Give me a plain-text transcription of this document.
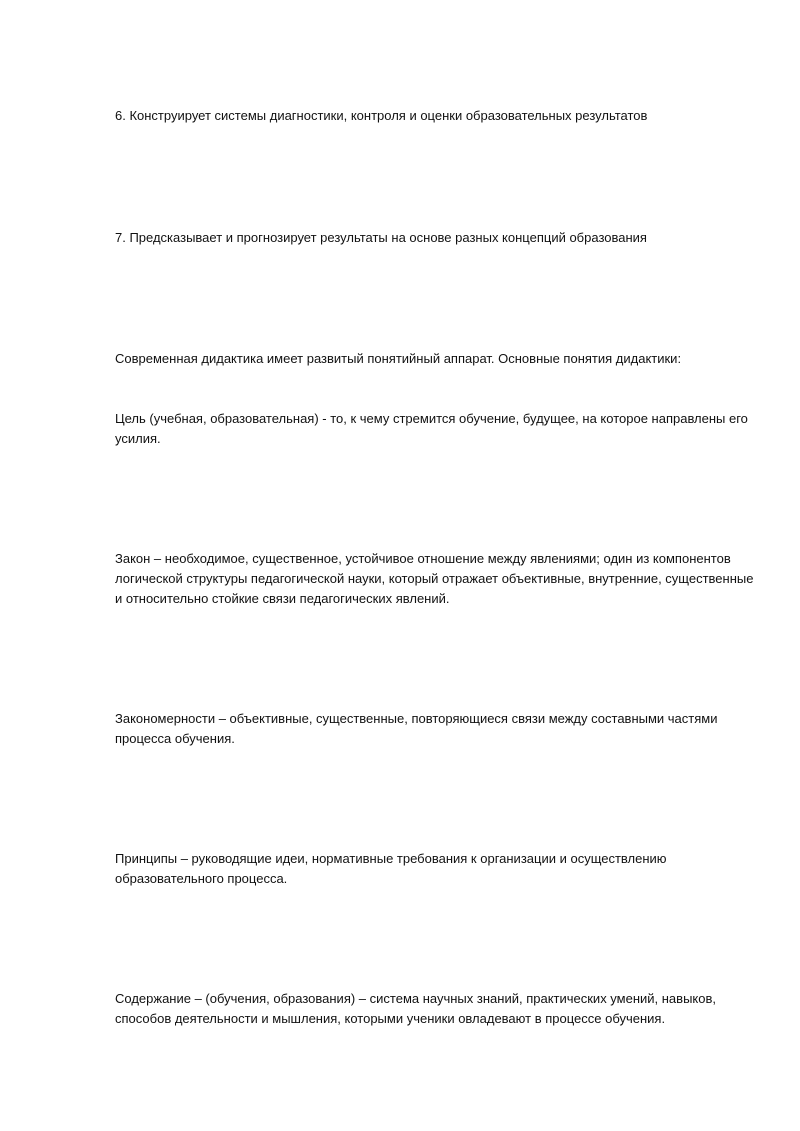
6. Конструирует системы диагностики, контроля и оценки образовательных результатов

7. Предсказывает и прогнозирует результаты на основе разных концепций образования

Современная дидактика имеет развитый понятийный аппарат. Основные понятия дидактики:

Цель (учебная, образовательная) - то, к чему стремится обучение, будущее, на которое направлены его усилия.

Закон – необходимое, существенное, устойчивое отношение между явлениями; один из компонентов логической структуры педагогической науки, который отражает объективные, внутренние, существенные и относительно стойкие связи педагогических явлений.

Закономерности – объективные, существенные, повторяющиеся связи между составными частями процесса обучения.

Принципы – руководящие идеи, нормативные требования к организации и осуществлению образовательного процесса.

Содержание – (обучения, образования) – система научных знаний, практических умений, навыков, способов деятельности и мышления, которыми ученики овладевают в процессе обучения.
